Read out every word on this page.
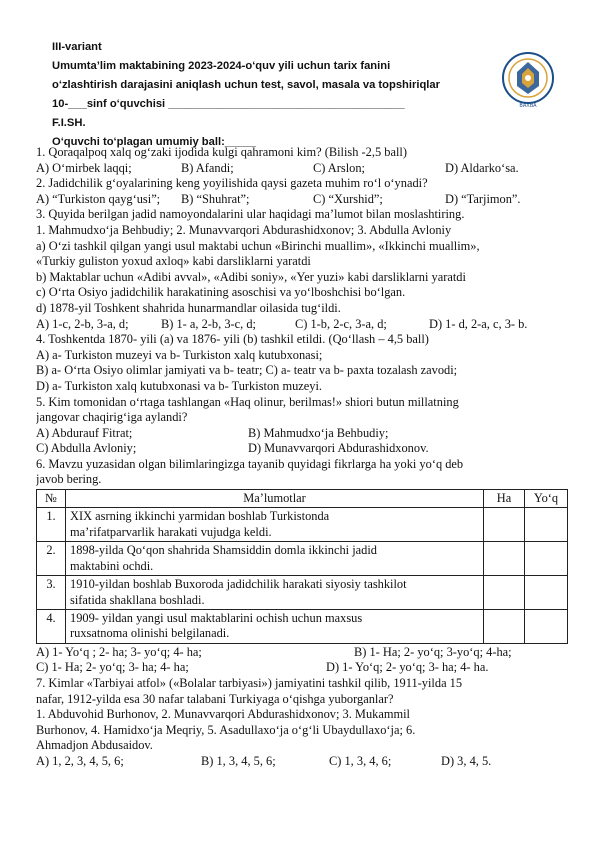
III-variant
Umumta’lim maktabining 2023-2024-o‘quv yili uchun tarix fanini
o‘zlashtirish darajasini aniqlash uchun test, savol, masala va topshiriqlar
10-___sinf o‘quvchisi ______________________________________
F.I.SH.
O‘quvchi to‘plagan umumiy ball:_____
BAXBA
1. Qoraqalpoq xalq og‘zaki ijodida kulgi qahramoni kim? (Bilish -2,5 ball)
A) O‘mirbek laqqi;	B) Afandi;	C) Arslon;	D) Aldarko‘sa.
2. Jadidchilik g‘oyalarining keng yoyilishida qaysi gazeta muhim ro‘l o‘ynadi?
A) “Turkiston qayg‘usi”;	B) “Shuhrat”;	C) “Xurshid”;	D) “Tarjimon”.
3. Quyida berilgan jadid namoyondalarini ular haqidagi ma’lumot bilan moslashtiring.
1. Mahmudxo‘ja Behbudiy; 2. Munavvarqori Abdurashidxonov; 3. Abdulla Avloniy
a) O‘zi tashkil qilgan yangi usul maktabi uchun «Birinchi muallim», «Ikkinchi muallim»,
«Turkiy guliston yoxud axloq» kabi darsliklarni yaratdi
b) Maktablar uchun «Adibi avval», «Adibi soniy», «Yer yuzi» kabi darsliklarni yaratdi
c) O‘rta Osiyo jadidchilik harakatining asoschisi va yo‘lboshchisi bo‘lgan.
d) 1878-yil Toshkent shahrida hunarmandlar oilasida tug‘ildi.
A) 1-c, 2-b, 3-a, d;	B) 1- a, 2-b, 3-c, d;	C) 1-b, 2-c, 3-a, d;	D) 1- d, 2-a, c, 3- b.
4. Toshkentda 1870- yili (a) va 1876- yili (b) tashkil etildi. (Qo‘llash – 4,5 ball)
A) a- Turkiston muzeyi va b- Turkiston xalq kutubxonasi;
B) a- O‘rta Osiyo olimlar jamiyati va b- teatr; C) a- teatr va b- paxta tozalash zavodi;
D) a- Turkiston xalq kutubxonasi va b- Turkiston muzeyi.
5. Kim tomonidan o‘rtaga tashlangan «Haq olinur, berilmas!» shiori butun millatning
jangovar chaqirig‘iga aylandi?
A) Abdurauf Fitrat;	B) Mahmudxo‘ja Behbudiy;
C) Abdulla Avloniy;	D) Munavvarqori Abdurashidxonov.
6. Mavzu yuzasidan olgan bilimlaringizga tayanib quyidagi fikrlarga ha yoki yo‘q deb
javob bering.
№	Ma’lumotlar	Ha	Yo‘q
1.	XIX asrning ikkinchi yarmidan boshlab Turkistonda
ma’rifatparvarlik harakati vujudga keldi.		

2.	1898-yilda Qo‘qon shahrida Shamsiddin domla ikkinchi jadid
maktabini ochdi.		

3.	1910-yildan boshlab Buxoroda jadidchilik harakati siyosiy tashkilot
sifatida shakllana boshladi.		

4.	1909- yildan yangi usul maktablarini ochish uchun maxsus
ruxsatnoma olinishi belgilanadi.		

A) 1- Yo‘q ; 2- ha; 3- yo‘q; 4- ha;	B) 1- Ha; 2- yo‘q; 3-yo‘q; 4-ha;
C) 1- Ha; 2- yo‘q; 3- ha; 4- ha;	D) 1- Yo‘q; 2- yo‘q; 3- ha; 4- ha.
7. Kimlar «Tarbiyai atfol» («Bolalar tarbiyasi») jamiyatini tashkil qilib, 1911-yilda 15
nafar, 1912-yilda esa 30 nafar talabani Turkiyaga o‘qishga yuborganlar?
1. Abduvohid Burhonov, 2. Munavvarqori Abdurashidxonov; 3. Mukammil
Burhonov, 4. Hamidxo‘ja Meqriy, 5. Asadullaxo‘ja o‘g‘li Ubaydullaxo‘ja; 6.
Ahmadjon Abdusaidov.
A) 1, 2, 3, 4, 5, 6;	B) 1, 3, 4, 5, 6;	C) 1, 3, 4, 6;	D) 3, 4, 5.
